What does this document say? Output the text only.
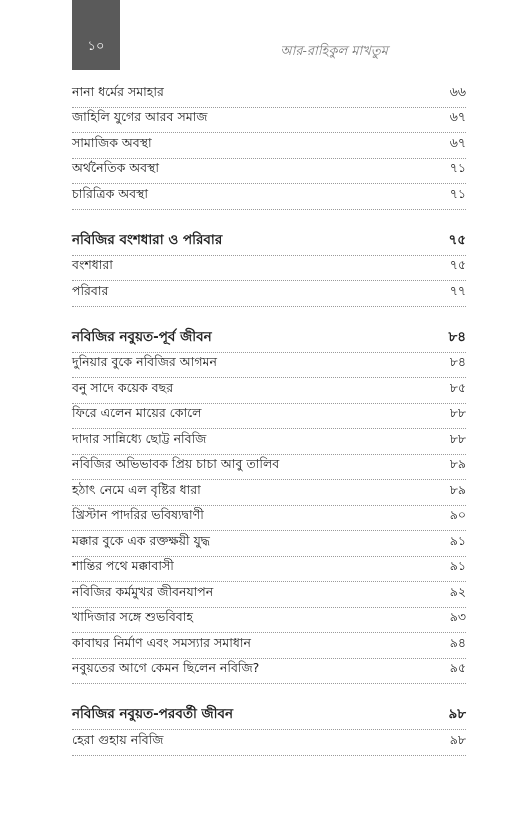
১০	আর-রাহিকুল মাখতুম
নানা ধর্মের সমাহার	৬৬
জাহিলি যুগের আরব সমাজ	৬৭
সামাজিক অবস্থা	৬৭
অর্থনৈতিক অবস্থা	৭১
চারিত্রিক অবস্থা	৭১
নবিজির বংশধারা ও পরিবার	৭৫
বংশধারা	৭৫
পরিবার	৭৭
নবিজির নবুয়ত-পূর্ব জীবন	৮৪
দুনিয়ার বুকে নবিজির আগমন	৮৪
বনু সাদে কয়েক বছর	৮৫
ফিরে এলেন মায়ের কোলে	৮৮
দাদার সান্নিধ্যে ছোট্ট নবিজি	৮৮
নবিজির অভিভাবক প্রিয় চাচা আবু তালিব	৮৯
হঠাৎ নেমে এল বৃষ্টির ধারা	৮৯
খ্রিস্টান পাদরির ভবিষ্যদ্বাণী	৯০
মক্কার বুকে এক রক্তক্ষয়ী যুদ্ধ	৯১
শান্তির পথে মক্কাবাসী	৯১
নবিজির কর্মমুখর জীবনযাপন	৯২
খাদিজার সঙ্গে শুভবিবাহ	৯৩
কাবাঘর নির্মাণ এবং সমস্যার সমাধান	৯৪
নবুয়তের আগে কেমন ছিলেন নবিজি?	৯৫
নবিজির নবুয়ত-পরবর্তী জীবন	৯৮
হেরা গুহায় নবিজি	৯৮
